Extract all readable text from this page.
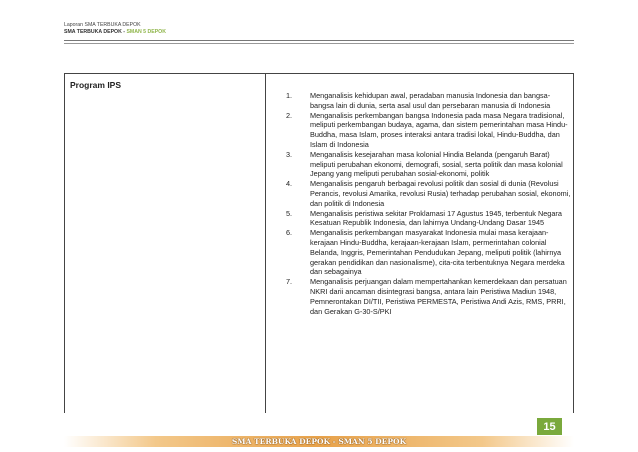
Laporan SMA TERBUKA DEPOK
SMA TERBUKA DEPOK - SMAN 5 DEPOK
Program IPS
1. Menganalisis kehidupan awal, peradaban manusia Indonesia dan bangsa-bangsa lain di dunia, serta asal usul dan persebaran manusia di Indonesia
2. Menganalisis perkembangan bangsa Indonesia pada masa Negara tradisional, meliputi perkembangan budaya, agama, dan sistem pemerintahan masa Hindu-Buddha, masa Islam, proses interaksi antara tradisi lokal, Hindu-Buddha, dan Islam di Indonesia
3. Menganalisis kesejarahan masa kolonial Hindia Belanda (pengaruh Barat) meliputi perubahan ekonomi, demografi, sosial, serta politik dan masa kolonial Jepang yang meliputi perubahan sosial-ekonomi, politik
4. Menganalisis pengaruh berbagai revolusi politik dan sosial di dunia (Revolusi Perancis, revolusi Amarika, revolusi Rusia) terhadap perubahan sosial, ekonomi, dan politik di Indonesia
5. Menganalisis peristiwa sekitar Proklamasi 17 Agustus 1945, terbentuk Negara Kesatuan Republik Indonesia, dan lahirnya Undang-Undang Dasar 1945
6. Menganalisis perkembangan masyarakat Indonesia mulai masa kerajaan-kerajaan Hindu-Buddha, kerajaan-kerajaan Islam, permerintahan colonial Belanda, Inggris, Pemerintahan Pendudukan Jepang, meliputi politik (lahirnya gerakan pendidikan dan nasionalisme), cita-cita terbentuknya Negara merdeka dan sebagainya
7. Menganalisis perjuangan dalam mempertahankan kemerdekaan dan persatuan NKRI darii ancaman disintegrasi bangsa, antara lain Peristiwa Madiun 1948, Pemnerontakan DI/TII, Peristiwa PERMESTA, Peristiwa Andi Azis, RMS, PRRI, dan Gerakan G-30-S/PKI
15
SMA TERBUKA DEPOK - SMAN 5 DEPOK
